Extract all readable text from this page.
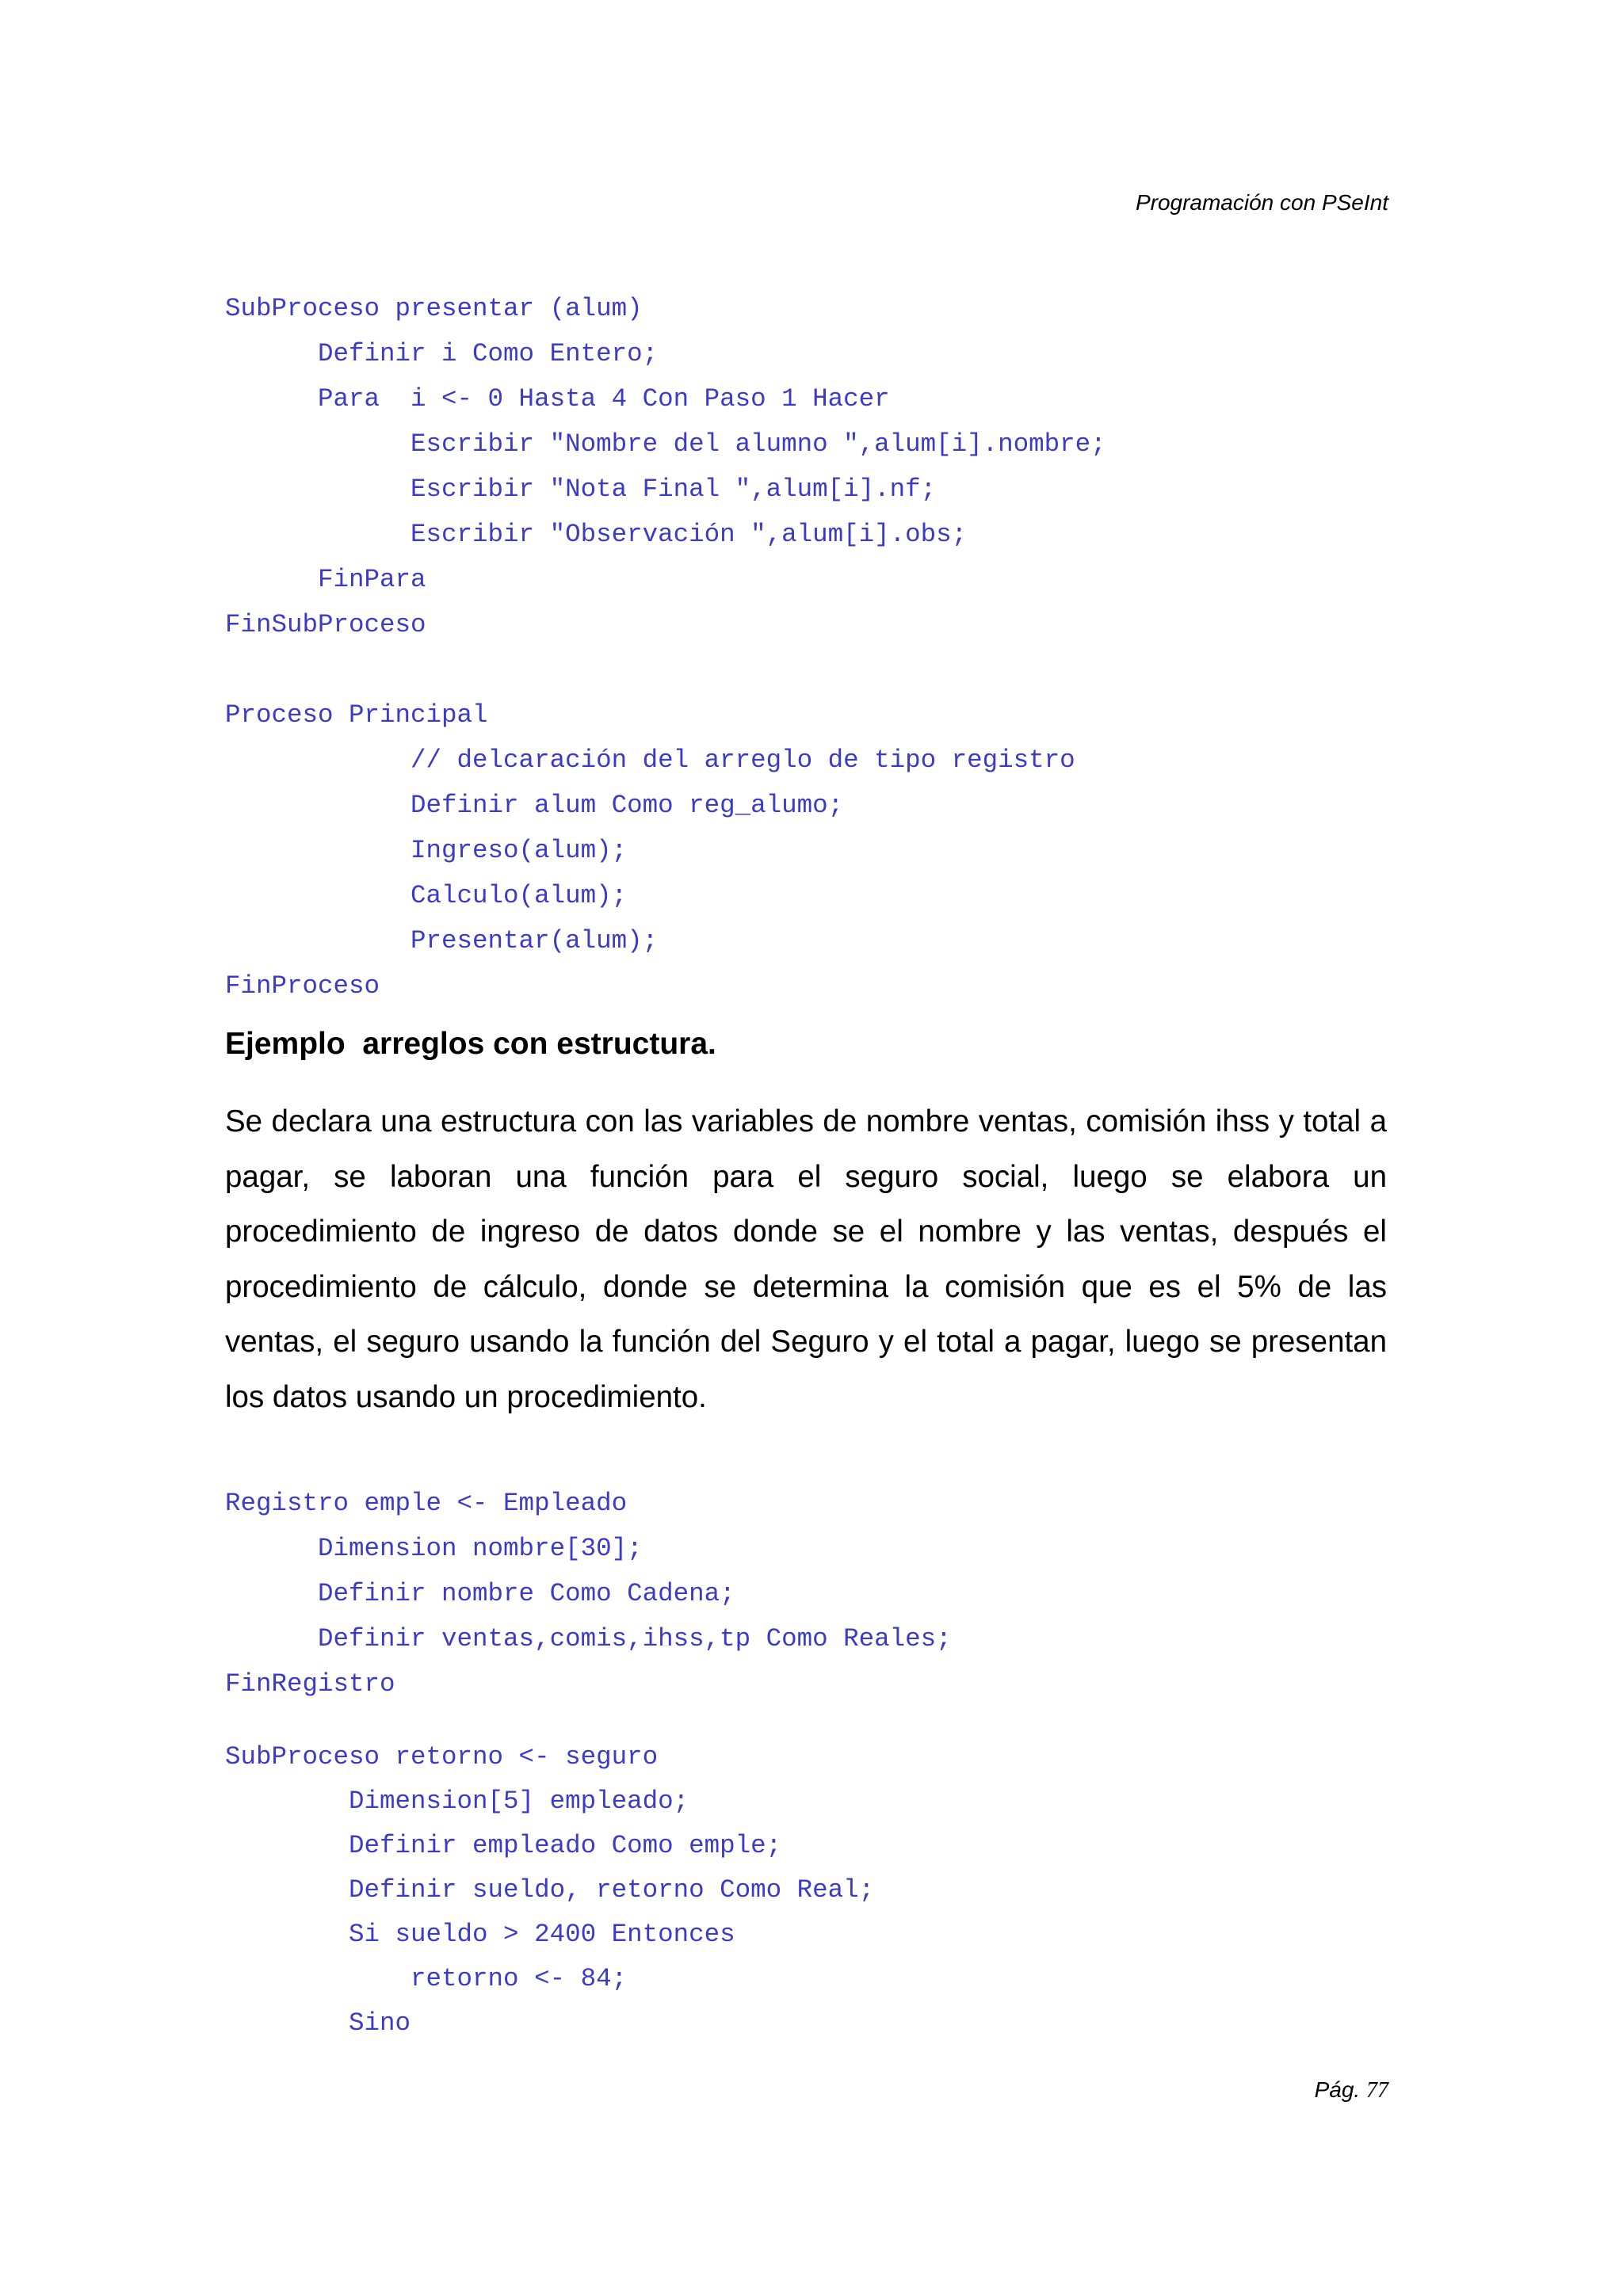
Programación con PSeInt
SubProceso presentar (alum)
Definir i Como Entero;
Para  i <- 0 Hasta 4 Con Paso 1 Hacer
Escribir "Nombre del alumno ",alum[i].nombre;
Escribir "Nota Final ",alum[i].nf;
Escribir "Observación ",alum[i].obs;
FinPara
FinSubProceso
Proceso Principal
// delcaración del arreglo de tipo registro
Definir alum Como reg_alumo;
Ingreso(alum);
Calculo(alum);
Presentar(alum);
FinProceso
Ejemplo  arreglos con estructura.

Se declara una estructura con las variables de nombre ventas, comisión ihss y total a pagar, se laboran una función para el seguro social, luego se elabora un procedimiento de ingreso de datos donde se el nombre y las ventas, después el procedimiento de cálculo, donde se determina la comisión que es el 5% de las ventas, el seguro usando la función del Seguro y el total a pagar, luego se presentan los datos usando un procedimiento.

Registro emple <- Empleado
Dimension nombre[30];
Definir nombre Como Cadena;
Definir ventas,comis,ihss,tp Como Reales;
FinRegistro
SubProceso retorno <- seguro
Dimension[5] empleado;
Definir empleado Como emple;
Definir sueldo, retorno Como Real;
Si sueldo > 2400 Entonces
retorno <- 84;
Sino
Pág. 77
